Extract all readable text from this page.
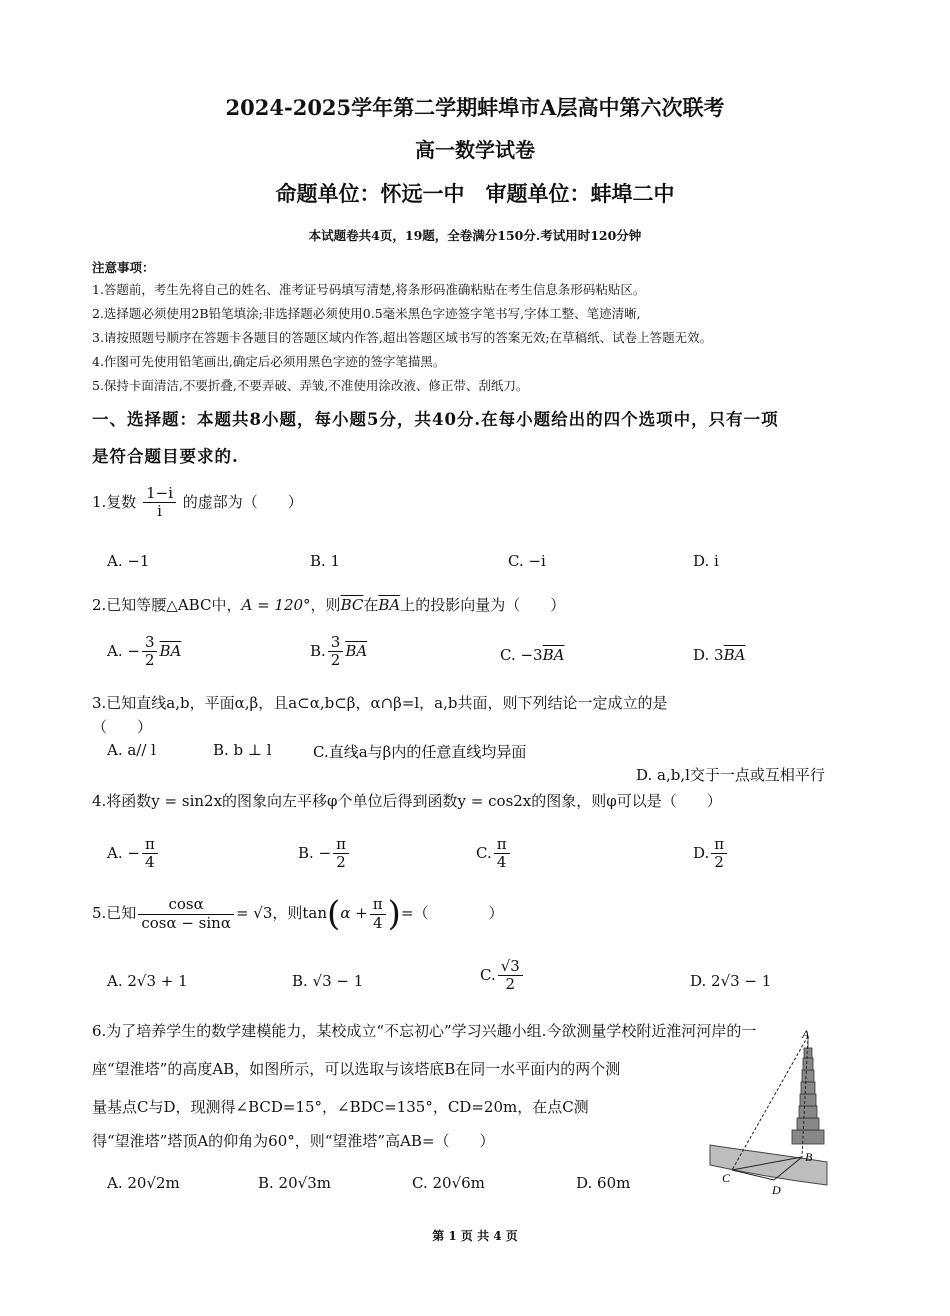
2024-2025学年第二学期蚌埠市A层高中第六次联考
高一数学试卷
命题单位：怀远一中　审题单位：蚌埠二中
本试题卷共4页，19题，全卷满分150分.考试用时120分钟
注意事项：
1.答题前，考生先将自己的姓名、准考证号码填写清楚,将条形码准确粘贴在考生信息条形码粘贴区。
2.选择题必须使用2B铅笔填涂;非选择题必须使用0.5毫米黑色字迹签字笔书写,字体工整、笔迹清晰,
3.请按照题号顺序在答题卡各题目的答题区域内作答,超出答题区域书写的答案无效;在草稿纸、试卷上答题无效。
4.作图可先使用铅笔画出,确定后必须用黑色字迹的签字笔描黑。
5.保持卡面清洁,不要折叠,不要弄破、弄皱,不准使用涂改液、修正带、刮纸刀。
一、选择题：本题共8小题，每小题5分，共40分.在每小题给出的四个选项中，只有一项
是符合题目要求的.
1.复数 $\frac{1-i}{i}$ 的虚部为（　　）
A. −1	B. 1	C. −i	D. i
2.已知等腰△ABC中，A = 120°，则$\overline{BC}$在$\overline{BA}$上的投影向量为（　　）
A. − $\frac{3}{2} \overline{BA}$	B. $\frac{3}{2} \overline{BA}$	C. $-3\overline{BA}$	D. $3\overline{BA}$
3.已知直线a,b，平面α,β，且a⊂α,b⊂β，α∩β=l，a,b共面，则下列结论一定成立的是
（　　）
A. a// l	B. b ⊥ l	C.直线a与β内的任意直线均异面
D. a,b,l交于一点或互相平行
4.将函数y = sin2x的图象向左平移φ个单位后得到函数y = cos2x的图象，则φ可以是（　　）
A. − $\frac{\pi}{4}$	B. − $\frac{\pi}{2}$	C. $\frac{\pi}{4}$	D. $\frac{\pi}{2}$
5.已知 $\frac{\cos\alpha}{\cos\alpha - \sin\alpha} = √3$，则$\tan(\alpha + \frac{\pi}{4}$ )=（　　　　）
A. 2√3 + 1	B. √3 − 1	C. $\frac{√3}{2}$	D. 2√3 − 1
6.为了培养学生的数学建模能力，某校成立“不忘初心”学习兴趣小组.今欲测量学校附近淮河河岸的一
座“望淮塔”的高度AB，如图所示，可以选取与该塔底B在同一水平面内的两个测
量基点C与D，现测得∠BCD=15°，∠BDC=135°，CD=20m，在点C测
得“望淮塔”塔顶A的仰角为60°，则“望淮塔”高AB=（　　）
A. 20√2m	B. 20√3m	C. 20√6m	D. 60m
A
B
C
D
第 1 页 共 4 页
